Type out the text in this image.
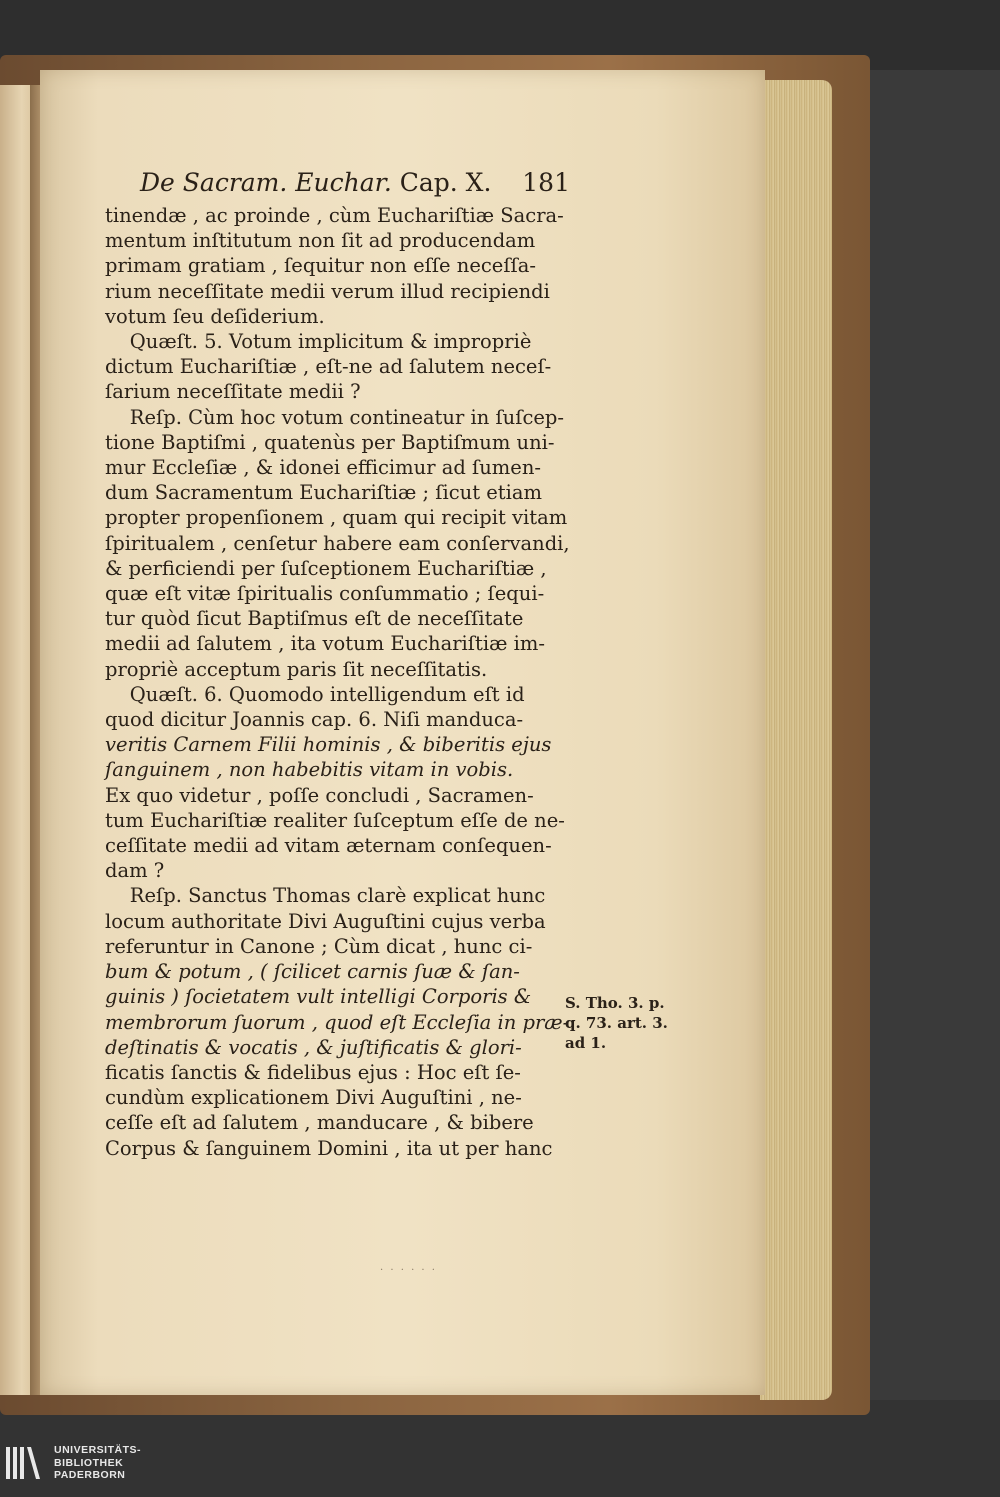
De Sacram. Euchar. Cap. X. 181

tinendæ , ac proinde , cùm Euchariſtiæ Sacra-

mentum inſtitutum non ſit ad producendam

primam gratiam , ſequitur non eſſe neceſſa-

rium neceſſitate medii verum illud recipiendi

votum ſeu deſiderium.

Quæſt. 5. Votum implicitum & impropriè

dictum Euchariſtiæ , eſt-ne ad ſalutem neceſ-

ſarium neceſſitate medii ?

Reſp. Cùm hoc votum contineatur in ſuſcep-

tione Baptiſmi , quatenùs per Baptiſmum uni-

mur Eccleſiæ , & idonei efficimur ad ſumen-

dum Sacramentum Euchariſtiæ ; ſicut etiam

propter propenſionem , quam qui recipit vitam

ſpiritualem , cenſetur habere eam conſervandi,

& perficiendi per ſuſceptionem Euchariſtiæ ,

quæ eſt vitæ ſpiritualis conſummatio ; ſequi-

tur quòd ſicut Baptiſmus eſt de neceſſitate

medii ad ſalutem , ita votum Euchariſtiæ im-

propriè acceptum paris ſit neceſſitatis.

Quæſt. 6. Quomodo intelligendum eſt id

quod dicitur Joannis cap. 6. Niſi manduca-

veritis Carnem Filii hominis , & biberitis ejus

ſanguinem , non habebitis vitam in vobis.

Ex quo videtur , poſſe concludi , Sacramen-

tum Euchariſtiæ realiter ſuſceptum eſſe de ne-

ceſſitate medii ad vitam æternam conſequen-

dam ?

Reſp. Sanctus Thomas clarè explicat hunc

locum authoritate Divi Auguſtini cujus verba

referuntur in Canone ; Cùm dicat , hunc ci-

bum & potum , ( ſcilicet carnis ſuæ & ſan-

guinis ) ſocietatem vult intelligi Corporis &

membrorum ſuorum , quod eſt Eccleſia in præ-

deſtinatis & vocatis , & juſtificatis & glori-

ficatis ſanctis & fidelibus ejus : Hoc eſt ſe-

cundùm explicationem Divi Auguſtini , ne-

ceſſe eſt ad ſalutem , manducare , & bibere

Corpus & ſanguinem Domini , ita ut per hanc

S. Tho. 3. p.

q. 73. art. 3.

ad 1.

. . . . . .
UNIVERSITÄTS-
BIBLIOTHEK
PADERBORN
